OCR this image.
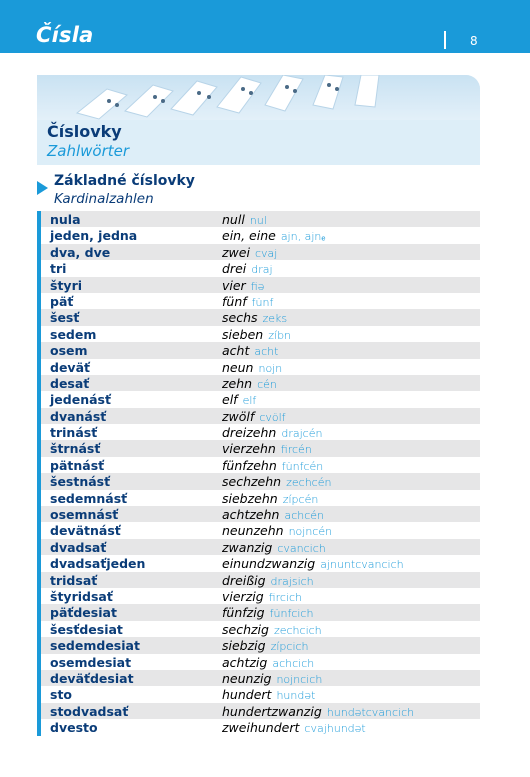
Čísla	8
Číslovky
Zahlwörter
Základné číslovky
Kardinalzahlen
nula	null nul
jeden, jedna	ein, eine ajn, ajnₑ
dva, dve	zwei cvaj
tri	drei draj
štyri	vier fiə
päť	fünf fünf
šesť	sechs zeks
sedem	sieben zíbn
osem	acht acht
deväť	neun nojn
desať	zehn cén
jedenásť	elf elf
dvanásť	zwölf cvölf
trinásť	dreizehn drajcén
štrnásť	vierzehn fircén
pätnásť	fünfzehn fünfcén
šestnásť	sechzehn zechcén
sedemnásť	siebzehn zípcén
osemnásť	achtzehn achcén
devätnásť	neunzehn nojncén
dvadsať	zwanzig cvancich
dvadsaťjeden	einundzwanzig ajnuntcvancich
tridsať	dreißig drajsich
štyridsať	vierzig fircich
päťdesiat	fünfzig fünfcich
šesťdesiat	sechzig zechcich
sedemdesiat	siebzig zípcich
osemdesiat	achtzig achcich
deväťdesiat	neunzig nojncich
sto	hundert hundət
stodvadsať	hundertzwanzig hundətcvancich
dvesto	zweihundert cvajhundət
